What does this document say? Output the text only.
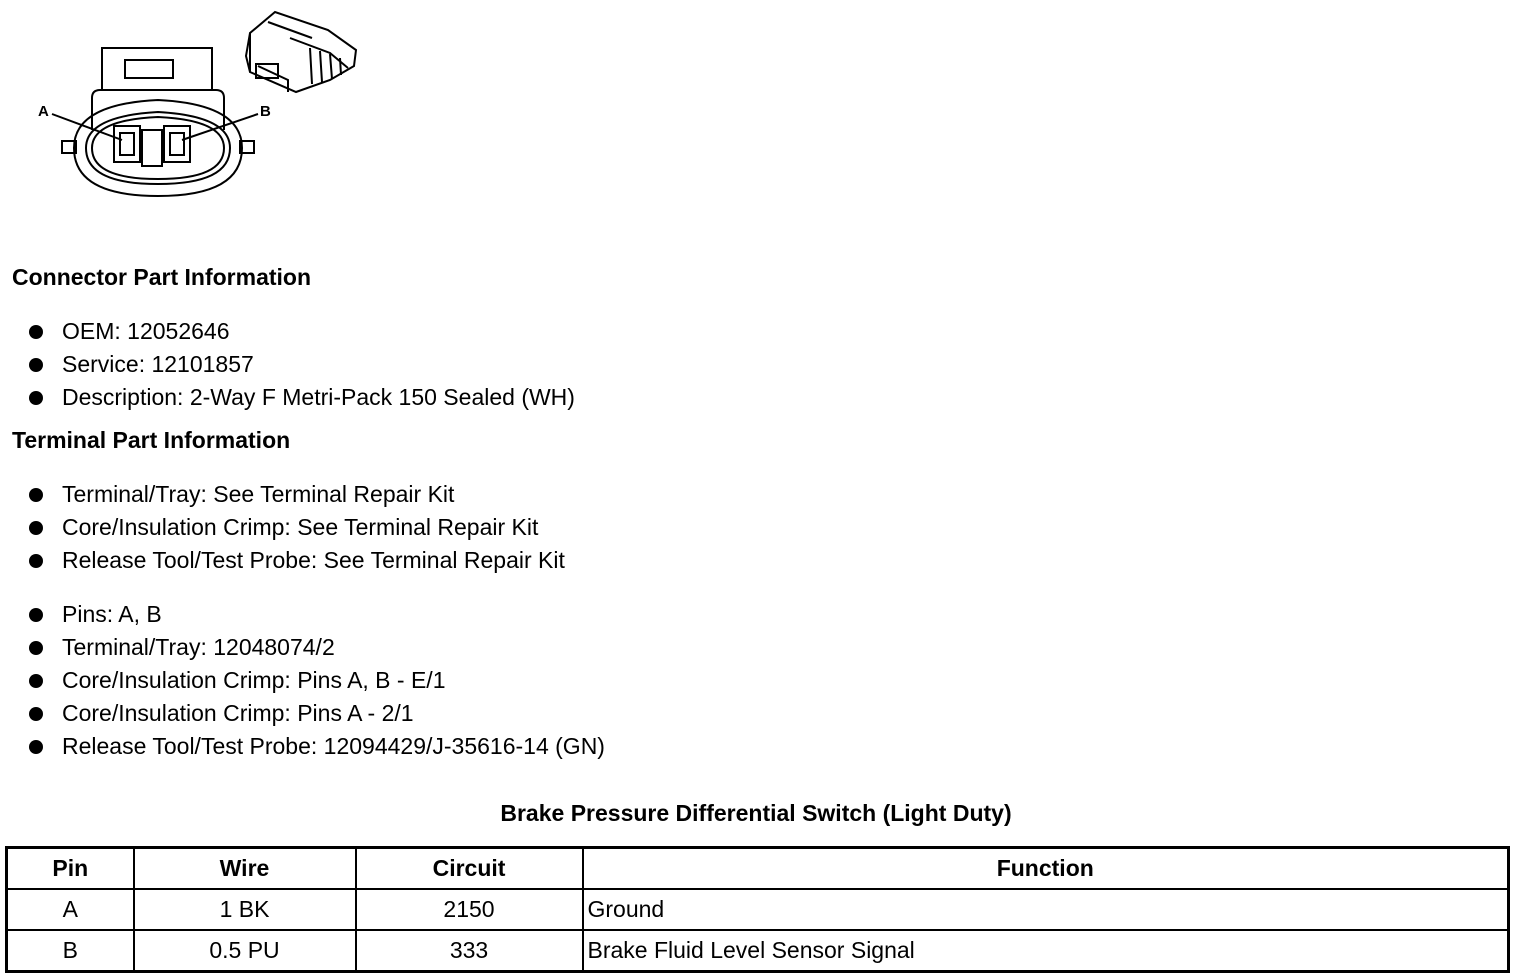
A	B
Connector Part Information
OEM: 12052646
Service: 12101857
Description: 2-Way F Metri-Pack 150 Sealed (WH)
Terminal Part Information
Terminal/Tray: See Terminal Repair Kit
Core/Insulation Crimp: See Terminal Repair Kit
Release Tool/Test Probe: See Terminal Repair Kit
Pins: A, B
Terminal/Tray: 12048074/2
Core/Insulation Crimp: Pins A, B - E/1
Core/Insulation Crimp: Pins A - 2/1
Release Tool/Test Probe: 12094429/J-35616-14 (GN)
Brake Pressure Differential Switch (Light Duty)
Pin	Wire	Circuit	Function
A	1 BK	2150	Ground
B	0.5 PU	333	Brake Fluid Level Sensor Signal
